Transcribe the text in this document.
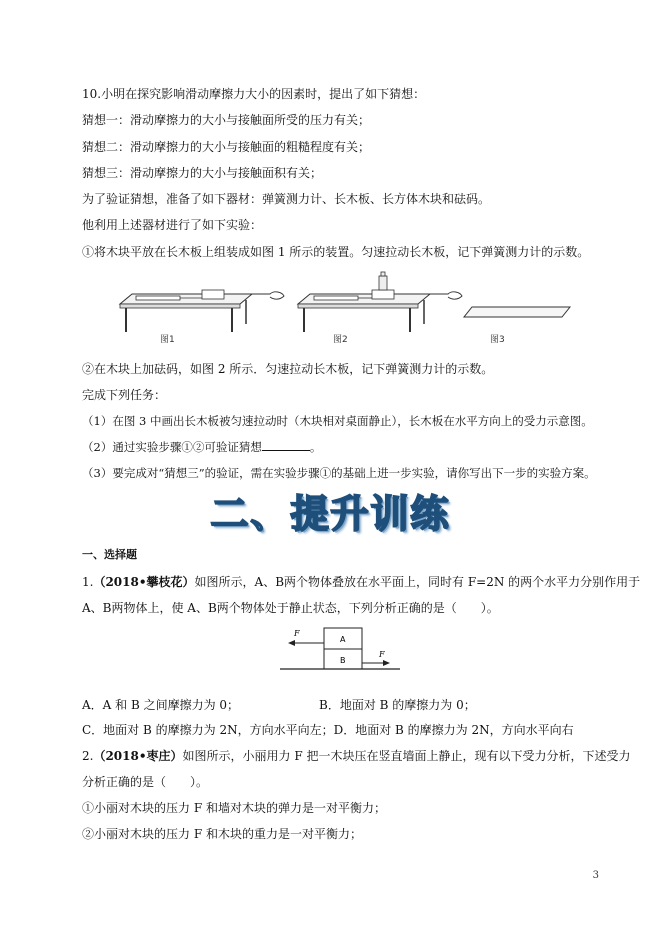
10.小明在探究影响滑动摩擦力大小的因素时，提出了如下猜想：
猜想一：滑动摩擦力的大小与接触面所受的压力有关；
猜想二：滑动摩擦力的大小与接触面的粗糙程度有关；
猜想三：滑动摩擦力的大小与接触面积有关；
为了验证猜想，准备了如下器材：弹簧测力计、长木板、长方体木块和砝码。
他利用上述器材进行了如下实验：
①将木块平放在长木板上组装成如图 1 所示的装置。匀速拉动长木板，记下弹簧测力计的示数。
图1	图2	图3
②在木块上加砝码，如图 2 所示．匀速拉动长木板，记下弹簧测力计的示数。
完成下列任务：
（1）在图 3 中画出长木板被匀速拉动时（木块相对桌面静止），长木板在水平方向上的受力示意图。
（2）通过实验步骤①②可验证猜想	。
（3）要完成对“猜想三”的验证，需在实验步骤①的基础上进一步实验，请你写出下一步的实验方案。
二、提升训练
一、选择题
1.（2018•攀枝花）如图所示，A、B两个物体叠放在水平面上，同时有 F=2N 的两个水平力分别作用于
A、B两物体上，使 A、B两个物体处于静止状态，下列分析正确的是（　　）。
A
B
F
F
A．A 和 B 之间摩擦力为 0；	B．地面对 B 的摩擦力为 0；
C．地面对 B 的摩擦力为 2N，方向水平向左；D．地面对 B 的摩擦力为 2N，方向水平向右
2.（2018•枣庄）如图所示，小丽用力 F 把一木块压在竖直墙面上静止，现有以下受力分析，下述受力
分析正确的是（　　）。
①小丽对木块的压力 F 和墙对木块的弹力是一对平衡力；
②小丽对木块的压力 F 和木块的重力是一对平衡力；
3
